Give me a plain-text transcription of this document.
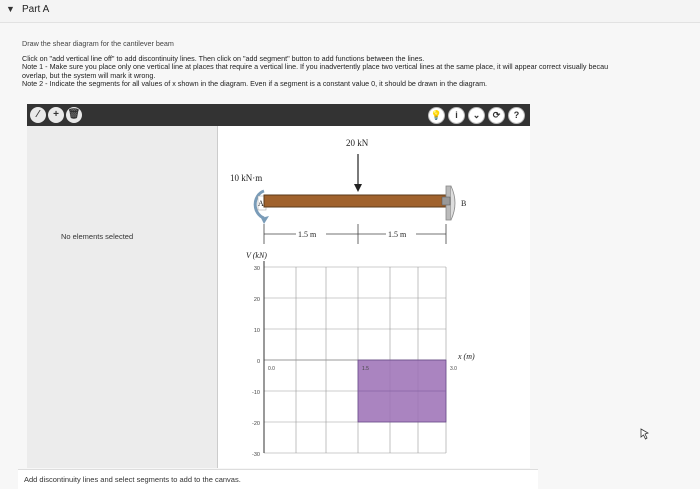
▼ Part A
Draw the shear diagram for the cantilever beam
Click on "add vertical line off" to add discontinuity lines. Then click on "add segment" button to add functions between the lines.
Note 1 - Make sure you place only one vertical line at places that require a vertical line. If you inadvertently place two vertical lines at the same place, it will appear correct visually becau
overlap, but the system will mark it wrong.
Note 2 - Indicate the segments for all values of x shown in the diagram. Even if a segment is a constant value 0, it should be drawn in the diagram.
⁄	+ 🗑	💡	i	⌄	⟳	?
No elements selected
10 kN·m
20 kN
A	B
1.5 m	1.5 m
V (kN)
30
20
10
0
-10
-20
-30
0.0	1.5	3.0
x (m)
Add discontinuity lines and select segments to add to the canvas.
